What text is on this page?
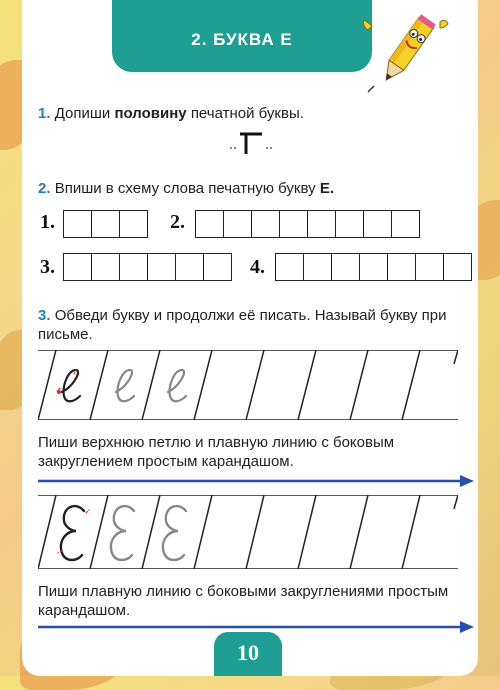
2. БУКВА Е
1. Допиши половину печатной буквы.
2. Впиши в схему слова печатную букву Е.
1.	2.
3.	4.
3. Обведи букву и продолжи её писать. Называй букву при письме.
Пиши верхнюю петлю и плавную линию с боковым закруглением простым карандашом.
Пиши плавную линию с боковыми закруглениями простым карандашом.
10
